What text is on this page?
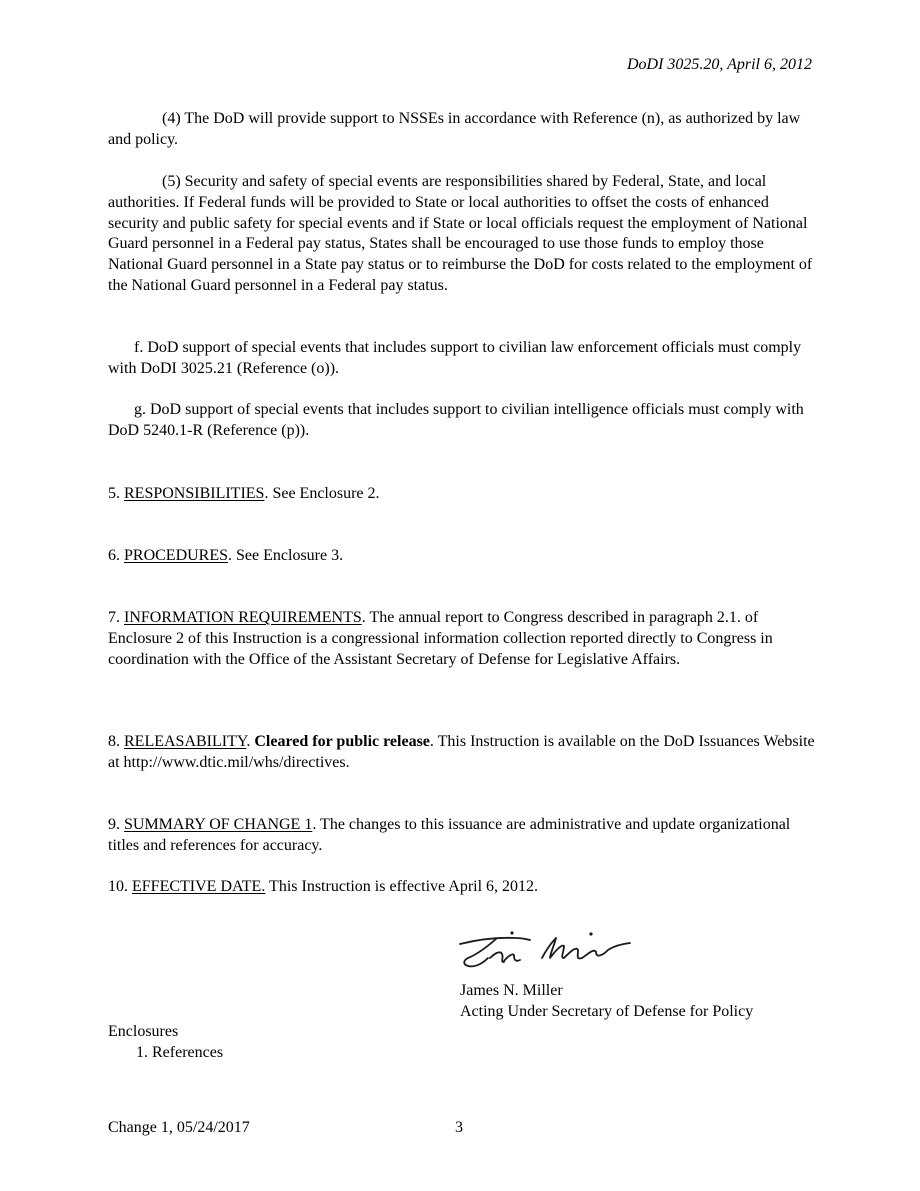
DoDI 3025.20, April 6, 2012
(4) The DoD will provide support to NSSEs in accordance with Reference (n), as authorized by law and policy.
(5) Security and safety of special events are responsibilities shared by Federal, State, and local authorities. If Federal funds will be provided to State or local authorities to offset the costs of enhanced security and public safety for special events and if State or local officials request the employment of National Guard personnel in a Federal pay status, States shall be encouraged to use those funds to employ those National Guard personnel in a State pay status or to reimburse the DoD for costs related to the employment of the National Guard personnel in a Federal pay status.
f. DoD support of special events that includes support to civilian law enforcement officials must comply with DoDI 3025.21 (Reference (o)).
g. DoD support of special events that includes support to civilian intelligence officials must comply with DoD 5240.1-R (Reference (p)).
5. RESPONSIBILITIES. See Enclosure 2.
6. PROCEDURES. See Enclosure 3.
7. INFORMATION REQUIREMENTS. The annual report to Congress described in paragraph 2.1. of Enclosure 2 of this Instruction is a congressional information collection reported directly to Congress in coordination with the Office of the Assistant Secretary of Defense for Legislative Affairs.
8. RELEASABILITY. Cleared for public release. This Instruction is available on the DoD Issuances Website at http://www.dtic.mil/whs/directives.
9. SUMMARY OF CHANGE 1. The changes to this issuance are administrative and update organizational titles and references for accuracy.
10. EFFECTIVE DATE. This Instruction is effective April 6, 2012.
James N. Miller
Acting Under Secretary of Defense for Policy
Enclosures
1. References
Change 1, 05/24/2017	3
